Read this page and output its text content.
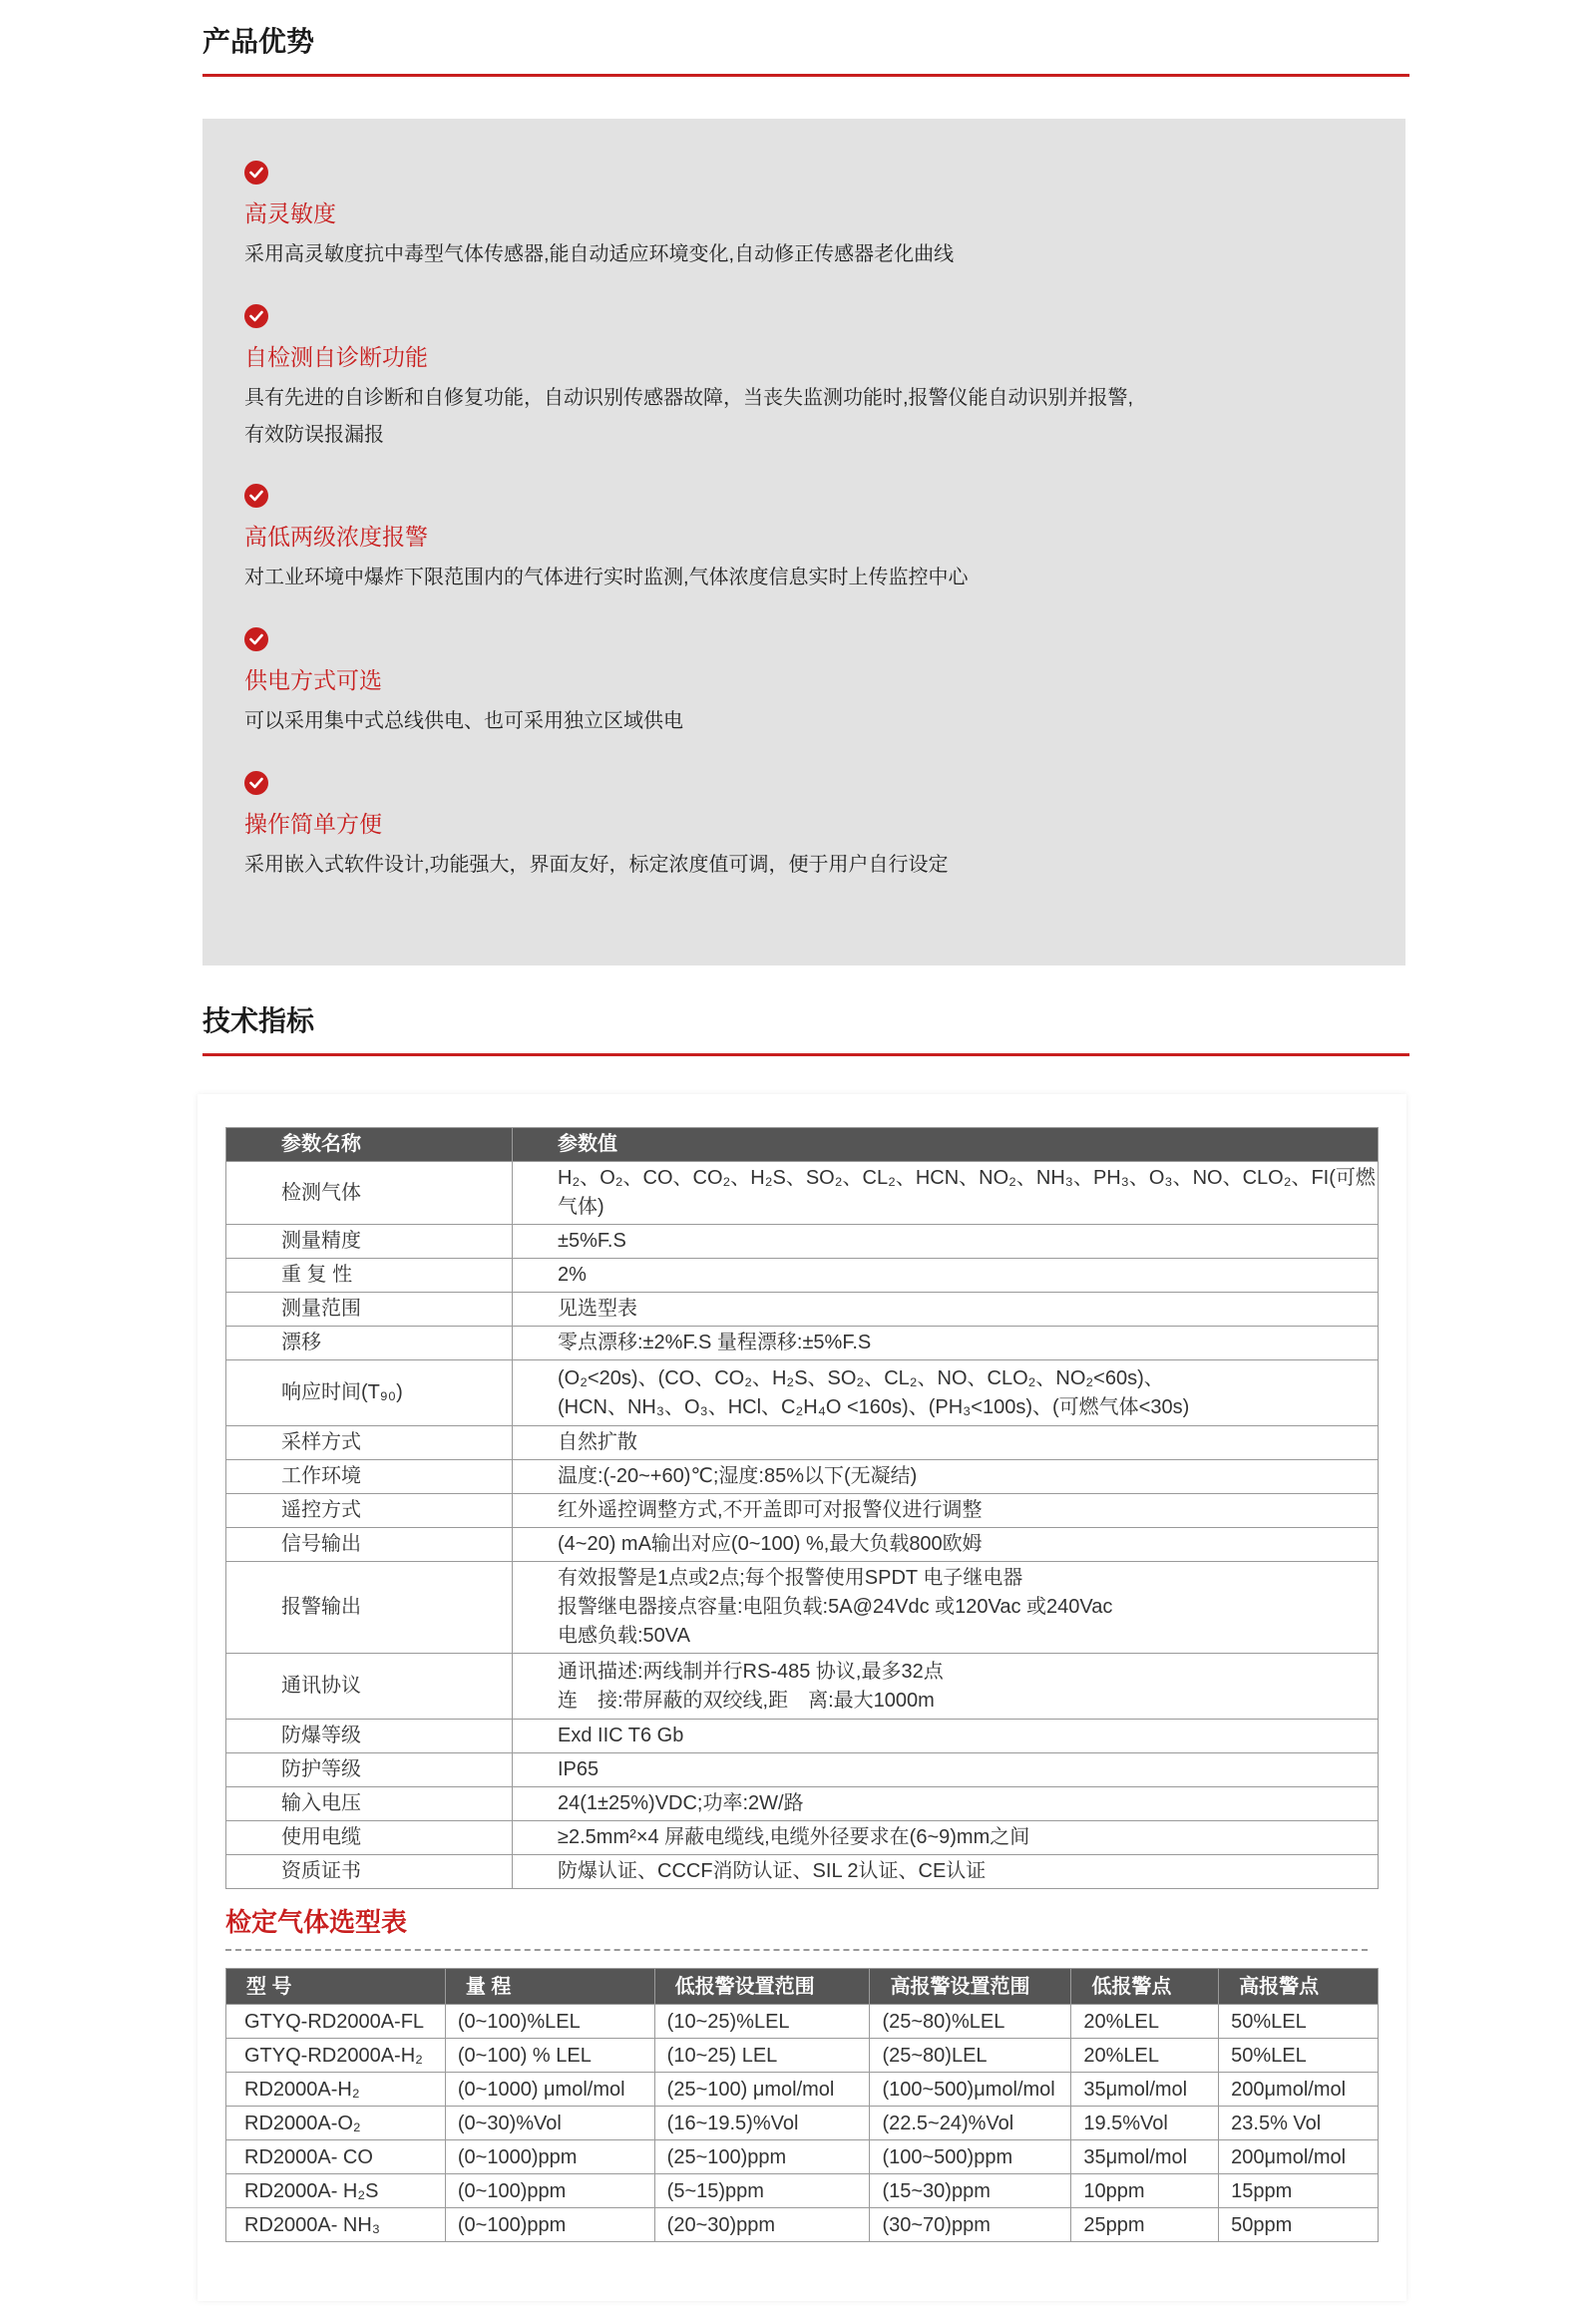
产品优势
高灵敏度
采用高灵敏度抗中毒型气体传感器,能自动适应环境变化,自动修正传感器老化曲线
自检测自诊断功能
具有先进的自诊断和自修复功能，自动识别传感器故障，当丧失监测功能时,报警仪能自动识别并报警,
有效防误报漏报
高低两级浓度报警
对工业环境中爆炸下限范围内的气体进行实时监测,气体浓度信息实时上传监控中心
供电方式可选
可以采用集中式总线供电、也可采用独立区域供电
操作简单方便
采用嵌入式软件设计,功能强大，界面友好，标定浓度值可调，便于用户自行设定
技术指标
参数名称	参数值
检测气体	H₂、O₂、CO、CO₂、H₂S、SO₂、CL₂、HCN、NO₂、NH₃、PH₃、O₃、NO、CLO₂、FI(可燃气体)

测量精度	±5%F.S

重 复 性	2%

测量范围	见选型表

漂移	零点漂移:±2%F.S 量程漂移:±5%F.S

响应时间(T₉₀)	(O₂<20s)、(CO、CO₂、H₂S、SO₂、CL₂、NO、CLO₂、NO₂<60s)、
(HCN、NH₃、O₃、HCl、C₂H₄O <160s)、(PH₃<100s)、(可燃气体<30s)

采样方式	自然扩散

工作环境	温度:(-20~+60)℃;湿度:85%以下(无凝结)

遥控方式	红外遥控调整方式,不开盖即可对报警仪进行调整

信号输出	(4~20) mA输出对应(0~100) %,最大负载800欧姆

报警输出	有效报警是1点或2点;每个报警使用SPDT 电子继电器
报警继电器接点容量:电阻负载:5A@24Vdc 或120Vac 或240Vac
电感负载:50VA

通讯协议	通讯描述:两线制并行RS-485 协议,最多32点
连　接:带屏蔽的双绞线,距　离:最大1000m

防爆等级	Exd IIC T6 Gb

防护等级	IP65

输入电压	24(1±25%)VDC;功率:2W/路

使用电缆	≥2.5mm²×4 屏蔽电缆线,电缆外径要求在(6~9)mm之间

资质证书	防爆认证、CCCF消防认证、SIL 2认证、CE认证
检定气体选型表
型 号	量 程	低报警设置范围	高报警设置范围	低报警点	高报警点
GTYQ-RD2000A-FL	(0~100)%LEL	(10~25)%LEL	(25~80)%LEL	20%LEL	50%LEL
GTYQ-RD2000A-H₂	(0~100) % LEL	(10~25) LEL	(25~80)LEL	20%LEL	50%LEL
RD2000A-H₂	(0~1000) μmol/mol	(25~100) μmol/mol	(100~500)μmol/mol	35μmol/mol	200μmol/mol
RD2000A-O₂	(0~30)%Vol	(16~19.5)%Vol	(22.5~24)%Vol	19.5%Vol	23.5% Vol
RD2000A- CO	(0~1000)ppm	(25~100)ppm	(100~500)ppm	35μmol/mol	200μmol/mol
RD2000A- H₂S	(0~100)ppm	(5~15)ppm	(15~30)ppm	10ppm	15ppm
RD2000A- NH₃	(0~100)ppm	(20~30)ppm	(30~70)ppm	25ppm	50ppm
